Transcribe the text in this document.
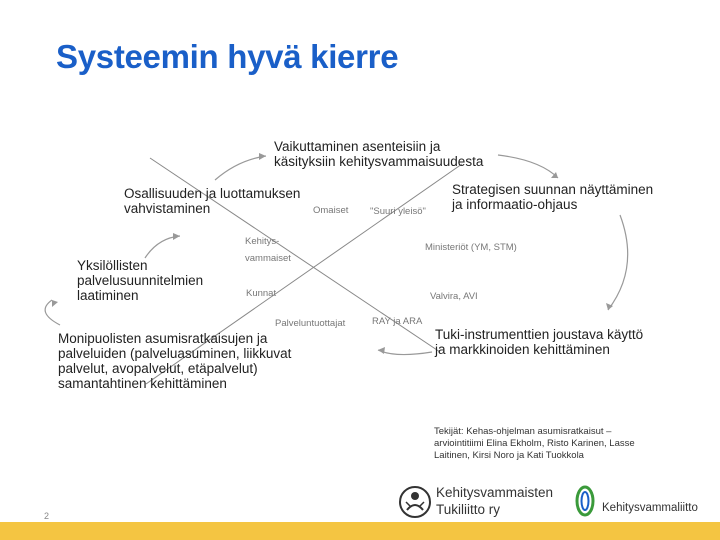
Systeemin hyvä kierre
Vaikuttaminen asenteisiin ja
käsityksiin kehitysvammaisuudesta
Strategisen suunnan näyttäminen
ja informaatio-ohjaus
Tuki-instrumenttien joustava käyttö
ja markkinoiden kehittäminen
Monipuolisten asumisratkaisujen ja
palveluiden (palveluasuminen, liikkuvat
palvelut, avopalvelut, etäpalvelut)
samantahtinen kehittäminen
Yksilöllisten
palvelusuunnitelmien
laatiminen
Osallisuuden ja luottamuksen
vahvistaminen	Omaiset "Suuri yleisö"
Kehitys-
vammaiset
Ministeriöt (YM, STM)
Kunnat	Valvira, AVI
Palveluntuottajat	RAY ja ARA
Tekijät: Kehas-ohjelman asumisratkaisut – arviointitiimi Elina Ekholm, Risto Karinen, Lasse Laitinen, Kirsi Noro ja Kati Tuokkola
Kehitysvammaisten
Tukiliitto ry	Kehitysvammaliitto
2
